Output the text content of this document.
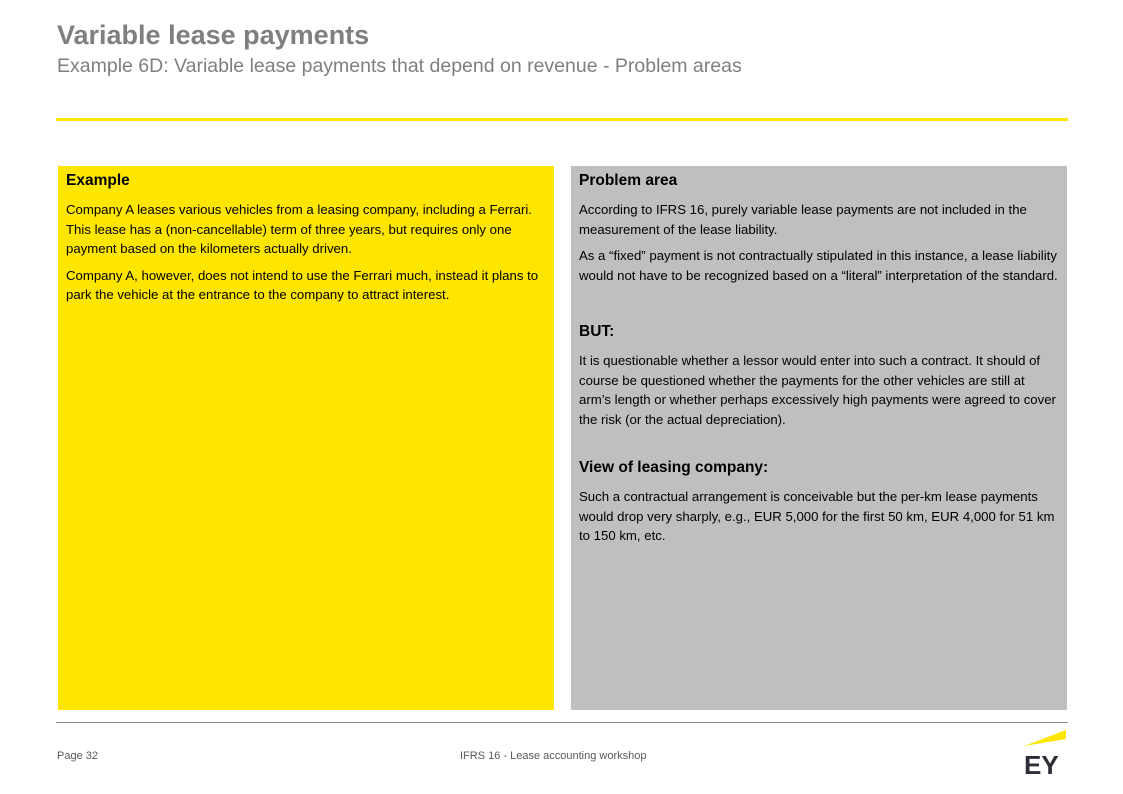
Variable lease payments
Example 6D: Variable lease payments that depend on revenue - Problem areas
Example

Company A leases various vehicles from a leasing company, including a Ferrari. This lease has a (non-cancellable) term of three years, but requires only one payment based on the kilometers actually driven.

Company A, however, does not intend to use the Ferrari much, instead it plans to park the vehicle at the entrance to the company to attract interest.

Problem area

According to IFRS 16, purely variable lease payments are not included in the measurement of the lease liability.

As a “fixed” payment is not contractually stipulated in this instance, a lease liability would not have to be recognized based on a “literal” interpretation of the standard.

BUT:

It is questionable whether a lessor would enter into such a contract. It should of course be questioned whether the payments for the other vehicles are still at arm’s length or whether perhaps excessively high payments were agreed to cover the risk (or the actual depreciation).

View of leasing company:

Such a contractual arrangement is conceivable but the per-km lease payments would drop very sharply, e.g., EUR 5,000 for the first 50 km, EUR 4,000 for 51 km to 150 km, etc.

Page 32	IFRS 16 - Lease accounting workshop	EY
